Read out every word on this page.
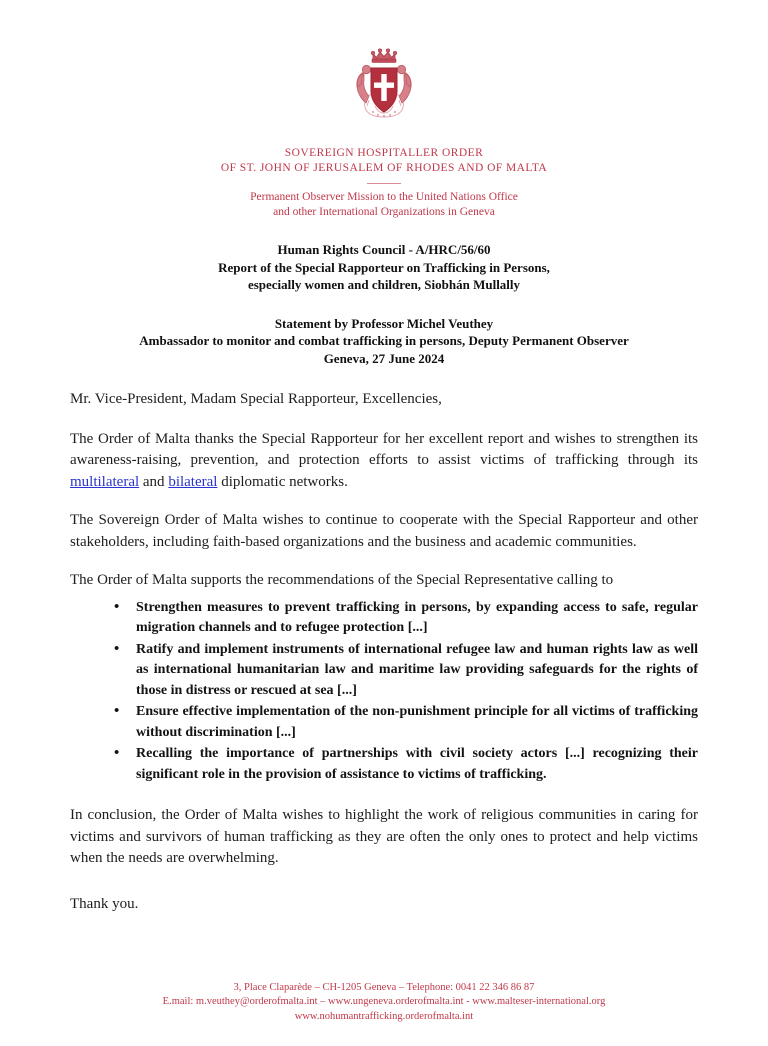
SOVEREIGN HOSPITALLER ORDER
OF ST. JOHN OF JERUSALEM OF RHODES AND OF MALTA
Permanent Observer Mission to the United Nations Office
and other International Organizations in Geneva
Human Rights Council - A/HRC/56/60
Report of the Special Rapporteur on Trafficking in Persons,
especially women and children, Siobhán Mullally
Statement by Professor Michel Veuthey
Ambassador to monitor and combat trafficking in persons, Deputy Permanent Observer
Geneva, 27 June 2024

Mr. Vice-President, Madam Special Rapporteur, Excellencies,

The Order of Malta thanks the Special Rapporteur for her excellent report and wishes to strengthen its awareness-raising, prevention, and protection efforts to assist victims of trafficking through its multilateral and bilateral diplomatic networks.

The Sovereign Order of Malta wishes to continue to cooperate with the Special Rapporteur and other stakeholders, including faith-based organizations and the business and academic communities.

The Order of Malta supports the recommendations of the Special Representative calling to

• Strengthen measures to prevent trafficking in persons, by expanding access to safe, regular migration channels and to refugee protection [...]
• Ratify and implement instruments of international refugee law and human rights law as well as international humanitarian law and maritime law providing safeguards for the rights of those in distress or rescued at sea [...]
• Ensure effective implementation of the non-punishment principle for all victims of trafficking without discrimination [...]
• Recalling the importance of partnerships with civil society actors [...] recognizing their significant role in the provision of assistance to victims of trafficking.

In conclusion, the Order of Malta wishes to highlight the work of religious communities in caring for victims and survivors of human trafficking as they are often the only ones to protect and help victims when the needs are overwhelming.

Thank you.

3, Place Claparède – CH-1205 Geneva – Telephone: 0041 22 346 86 87
E.mail: m.veuthey@orderofmalta.int – www.ungeneva.orderofmalta.int - www.malteser-international.org
www.nohumantrafficking.orderofmalta.int
